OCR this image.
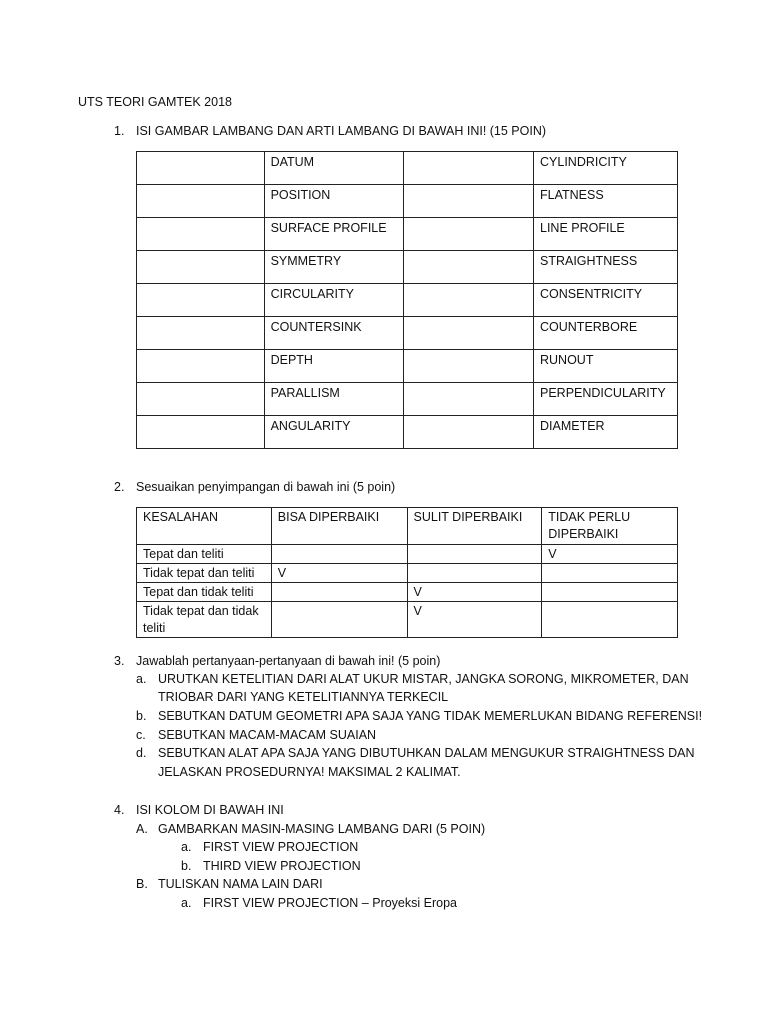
UTS TEORI GAMTEK 2018
1. ISI GAMBAR LAMBANG DAN ARTI LAMBANG DI BAWAH INI! (15 POIN)
	DATUM		CYLINDRICITY
	POSITION		FLATNESS
	SURFACE PROFILE		LINE PROFILE
	SYMMETRY		STRAIGHTNESS
	CIRCULARITY		CONSENTRICITY
	COUNTERSINK		COUNTERBORE
	DEPTH		RUNOUT
	PARALLISM		PERPENDICULARITY
	ANGULARITY		DIAMETER
2. Sesuaikan penyimpangan di bawah ini (5 poin)
KESALAHAN	BISA DIPERBAIKI	SULIT DIPERBAIKI	TIDAK PERLU DIPERBAIKI
Tepat dan teliti			V
Tidak tepat dan teliti	V		
Tepat dan tidak teliti		V	
Tidak tepat dan tidak teliti		V	
3. Jawablah pertanyaan-pertanyaan di bawah ini! (5 poin)
a. URUTKAN KETELITIAN DARI ALAT UKUR MISTAR, JANGKA SORONG, MIKROMETER, DAN
TRIOBAR DARI YANG KETELITIANNYA TERKECIL
b. SEBUTKAN DATUM GEOMETRI APA SAJA YANG TIDAK MEMERLUKAN BIDANG REFERENSI!
c. SEBUTKAN MACAM-MACAM SUAIAN
d. SEBUTKAN ALAT APA SAJA YANG DIBUTUHKAN DALAM MENGUKUR STRAIGHTNESS DAN
JELASKAN PROSEDURNYA! MAKSIMAL 2 KALIMAT.
4. ISI KOLOM DI BAWAH INI
A. GAMBARKAN MASIN-MASING LAMBANG DARI (5 POIN)
a. FIRST VIEW PROJECTION
b. THIRD VIEW PROJECTION
B. TULISKAN NAMA LAIN DARI
a. FIRST VIEW PROJECTION – Proyeksi Eropa
